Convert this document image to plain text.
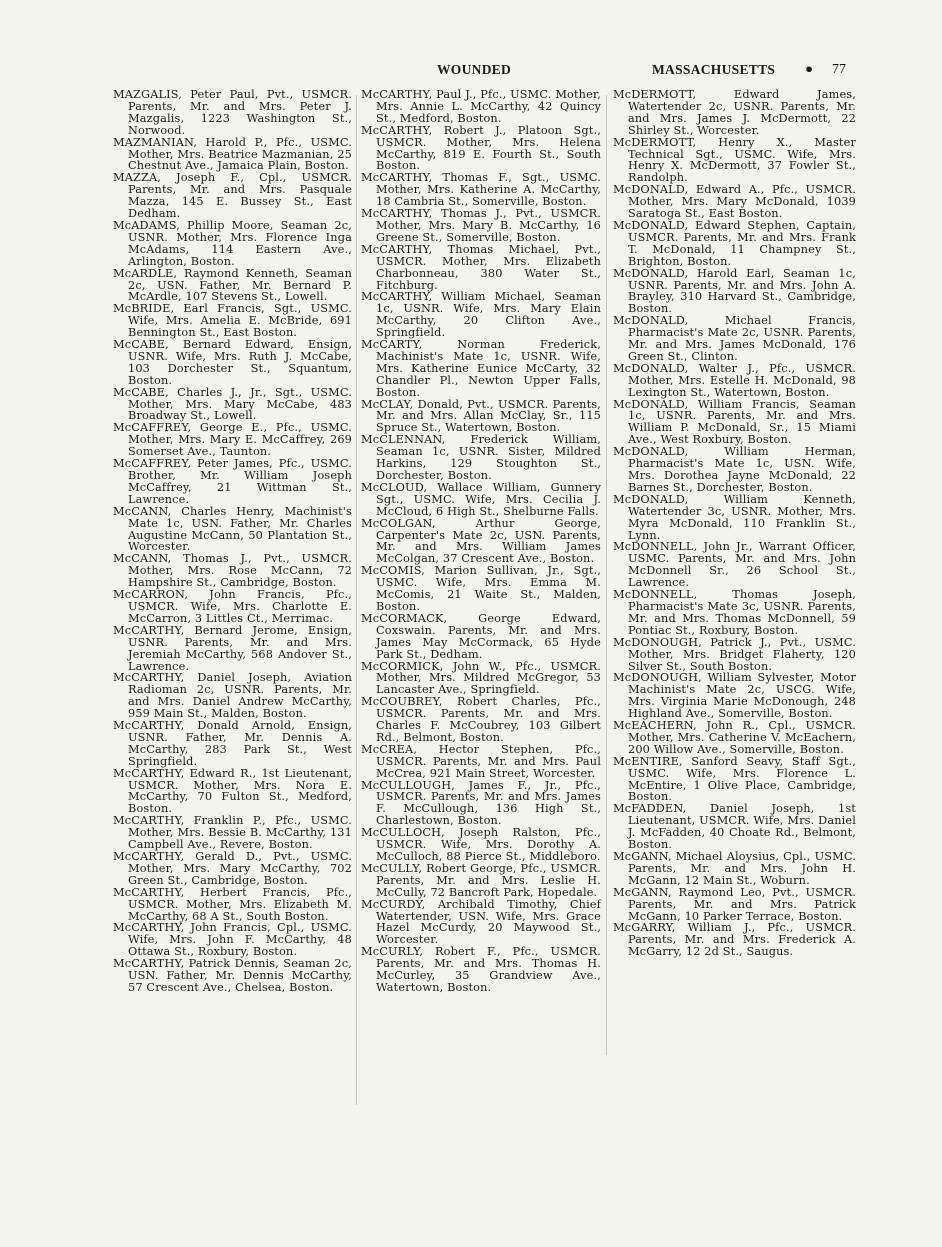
WOUNDED	MASSACHUSETTS • 77
MAZGALIS, Peter Paul, Pvt., USMCR. Parents, Mr. and Mrs. Peter J. Mazgalis, 1223 Washington St., Norwood.
MAZMANIAN, Harold P., Pfc., USMC. Mother, Mrs. Beatrice Mazmanian, 25 Chestnut Ave., Jamaica Plain, Boston.
MAZZA, Joseph F., Cpl., USMCR. Parents, Mr. and Mrs. Pasquale Mazza, 145 E. Bussey St., East Dedham.
McADAMS, Phillip Moore, Seaman 2c, USNR. Mother, Mrs. Florence Inga McAdams, 114 Eastern Ave., Arlington, Boston.
McARDLE, Raymond Kenneth, Seaman 2c, USN. Father, Mr. Bernard P. McArdle, 107 Stevens St., Lowell.
McBRIDE, Earl Francis, Sgt., USMC. Wife, Mrs. Amelia E. McBride, 691 Bennington St., East Boston.
McCABE, Bernard Edward, Ensign, USNR. Wife, Mrs. Ruth J. McCabe, 103 Dorchester St., Squantum, Boston.
McCABE, Charles J., Jr., Sgt., USMC. Mother, Mrs. Mary McCabe, 483 Broadway St., Lowell.
McCAFFREY, George E., Pfc., USMC. Mother, Mrs. Mary E. McCaffrey, 269 Somerset Ave., Taunton.
McCAFFREY, Peter James, Pfc., USMC. Brother, Mr. William Joseph McCaffrey, 21 Wittman St., Lawrence.
McCANN, Charles Henry, Machinist's Mate 1c, USN. Father, Mr. Charles Augustine McCann, 50 Plantation St., Worcester.
McCANN, Thomas J., Pvt., USMCR. Mother, Mrs. Rose McCann, 72 Hampshire St., Cambridge, Boston.
McCARRON, John Francis, Pfc., USMCR. Wife, Mrs. Charlotte E. McCarron, 3 Littles Ct., Merrimac.
McCARTHY, Bernard Jerome, Ensign, USNR. Parents, Mr. and Mrs. Jeremiah McCarthy, 568 Andover St., Lawrence.
McCARTHY, Daniel Joseph, Aviation Radioman 2c, USNR. Parents, Mr. and Mrs. Daniel Andrew McCarthy, 959 Main St., Malden, Boston.
McCARTHY, Donald Arnold, Ensign, USNR. Father, Mr. Dennis A. McCarthy, 283 Park St., West Springfield.
McCARTHY, Edward R., 1st Lieutenant, USMCR. Mother, Mrs. Nora E. McCarthy, 70 Fulton St., Medford, Boston.
McCARTHY, Franklin P., Pfc., USMC. Mother, Mrs. Bessie B. McCarthy, 131 Campbell Ave., Revere, Boston.
McCARTHY, Gerald D., Pvt., USMC. Mother, Mrs. Mary McCarthy, 702 Green St., Cambridge, Boston.
McCARTHY, Herbert Francis, Pfc., USMCR. Mother, Mrs. Elizabeth M. McCarthy, 68 A St., South Boston.
McCARTHY, John Francis, Cpl., USMC. Wife, Mrs. John F. McCarthy, 48 Ottawa St., Roxbury, Boston.
McCARTHY, Patrick Dennis, Seaman 2c, USN. Father, Mr. Dennis McCarthy, 57 Crescent Ave., Chelsea, Boston.
McCARTHY, Paul J., Pfc., USMC. Mother, Mrs. Annie L. McCarthy, 42 Quincy St., Medford, Boston.
McCARTHY, Robert J., Platoon Sgt., USMCR. Mother, Mrs. Helena McCarthy, 819 E. Fourth St., South Boston.
McCARTHY, Thomas F., Sgt., USMC. Mother, Mrs. Katherine A. McCarthy, 18 Cambria St., Somerville, Boston.
McCARTHY, Thomas J., Pvt., USMCR. Mother, Mrs. Mary B. McCarthy, 16 Greene St., Somerville, Boston.
McCARTHY, Thomas Michael, Pvt., USMCR. Mother, Mrs. Elizabeth Charbonneau, 380 Water St., Fitchburg.
McCARTHY, William Michael, Seaman 1c, USNR. Wife, Mrs. Mary Elain McCarthy, 20 Clifton Ave., Springfield.
McCARTY, Norman Frederick, Machinist's Mate 1c, USNR. Wife, Mrs. Katherine Eunice McCarty, 32 Chandler Pl., Newton Upper Falls, Boston.
McCLAY, Donald, Pvt., USMCR. Parents, Mr. and Mrs. Allan McClay, Sr., 115 Spruce St., Watertown, Boston.
McCLENNAN, Frederick William, Seaman 1c, USNR. Sister, Mildred Harkins, 129 Stoughton St., Dorchester, Boston.
McCLOUD, Wallace William, Gunnery Sgt., USMC. Wife, Mrs. Cecilia J. McCloud, 6 High St., Shelburne Falls.
McCOLGAN, Arthur George, Carpenter's Mate 2c, USN. Parents, Mr. and Mrs. William James McColgan, 37 Crescent Ave., Boston.
McCOMIS, Marion Sullivan, Jr., Sgt., USMC. Wife, Mrs. Emma M. McComis, 21 Waite St., Malden, Boston.
McCORMACK, George Edward, Coxswain. Parents, Mr. and Mrs. James May McCormack, 65 Hyde Park St., Dedham.
McCORMICK, John W., Pfc., USMCR. Mother, Mrs. Mildred McGregor, 53 Lancaster Ave., Springfield.
McCOUBREY, Robert Charles, Pfc., USMCR. Parents, Mr. and Mrs. Charles F. McCoubrey, 103 Gilbert Rd., Belmont, Boston.
McCREA, Hector Stephen, Pfc., USMCR. Parents, Mr. and Mrs. Paul McCrea, 921 Main Street, Worcester.
McCULLOUGH, James F., Jr., Pfc., USMCR. Parents, Mr. and Mrs. James F. McCullough, 136 High St., Charlestown, Boston.
McCULLOCH, Joseph Ralston, Pfc., USMCR. Wife, Mrs. Dorothy A. McCulloch, 88 Pierce St., Middleboro.
McCULLY, Robert George, Pfc., USMCR. Parents, Mr. and Mrs. Leslie H. McCully, 72 Bancroft Park, Hopedale.
McCURDY, Archibald Timothy, Chief Watertender, USN. Wife, Mrs. Grace Hazel McCurdy, 20 Maywood St., Worcester.
McCURLY, Robert F., Pfc., USMCR. Parents, Mr. and Mrs. Thomas H. McCurley, 35 Grandview Ave., Watertown, Boston.
McDERMOTT, Edward James, Watertender 2c, USNR. Parents, Mr. and Mrs. James J. McDermott, 22 Shirley St., Worcester.
McDERMOTT, Henry X., Master Technical Sgt., USMC. Wife, Mrs. Henry X. McDermott, 37 Fowler St., Randolph.
McDONALD, Edward A., Pfc., USMCR. Mother, Mrs. Mary McDonald, 1039 Saratoga St., East Boston.
McDONALD, Edward Stephen, Captain, USMCR. Parents, Mr. and Mrs. Frank T. McDonald, 11 Champney St., Brighton, Boston.
McDONALD, Harold Earl, Seaman 1c, USNR. Parents, Mr. and Mrs. John A. Brayley, 310 Harvard St., Cambridge, Boston.
McDONALD, Michael Francis, Pharmacist's Mate 2c, USNR. Parents, Mr. and Mrs. James McDonald, 176 Green St., Clinton.
McDONALD, Walter J., Pfc., USMCR. Mother, Mrs. Estelle H. McDonald, 98 Lexington St., Watertown, Boston.
McDONALD, William Francis, Seaman 1c, USNR. Parents, Mr. and Mrs. William P. McDonald, Sr., 15 Miami Ave., West Roxbury, Boston.
McDONALD, William Herman, Pharmacist's Mate 1c, USN. Wife, Mrs. Dorothea Jayne McDonald, 22 Barnes St., Dorchester, Boston.
McDONALD, William Kenneth, Watertender 3c, USNR. Mother, Mrs. Myra McDonald, 110 Franklin St., Lynn.
McDONNELL, John Jr., Warrant Officer, USMC. Parents, Mr. and Mrs. John McDonnell Sr., 26 School St., Lawrence.
McDONNELL, Thomas Joseph, Pharmacist's Mate 3c, USNR. Parents, Mr. and Mrs. Thomas McDonnell, 59 Pontiac St., Roxbury, Boston.
McDONOUGH, Patrick J., Pvt., USMC. Mother, Mrs. Bridget Flaherty, 120 Silver St., South Boston.
McDONOUGH, William Sylvester, Motor Machinist's Mate 2c, USCG. Wife, Mrs. Virginia Marie McDonough, 248 Highland Ave., Somerville, Boston.
McEACHERN, John R., Cpl., USMCR. Mother, Mrs. Catherine V. McEachern, 200 Willow Ave., Somerville, Boston.
McENTIRE, Sanford Seavy, Staff Sgt., USMC. Wife, Mrs. Florence L. McEntire, 1 Olive Place, Cambridge, Boston.
McFADDEN, Daniel Joseph, 1st Lieutenant, USMCR. Wife, Mrs. Daniel J. McFadden, 40 Choate Rd., Belmont, Boston.
McGANN, Michael Aloysius, Cpl., USMC. Parents, Mr. and Mrs. John H. McGann, 12 Main St., Woburn.
McGANN, Raymond Leo, Pvt., USMCR. Parents, Mr. and Mrs. Patrick McGann, 10 Parker Terrace, Boston.
McGARRY, William J., Pfc., USMCR. Parents, Mr. and Mrs. Frederick A. McGarry, 12 2d St., Saugus.
